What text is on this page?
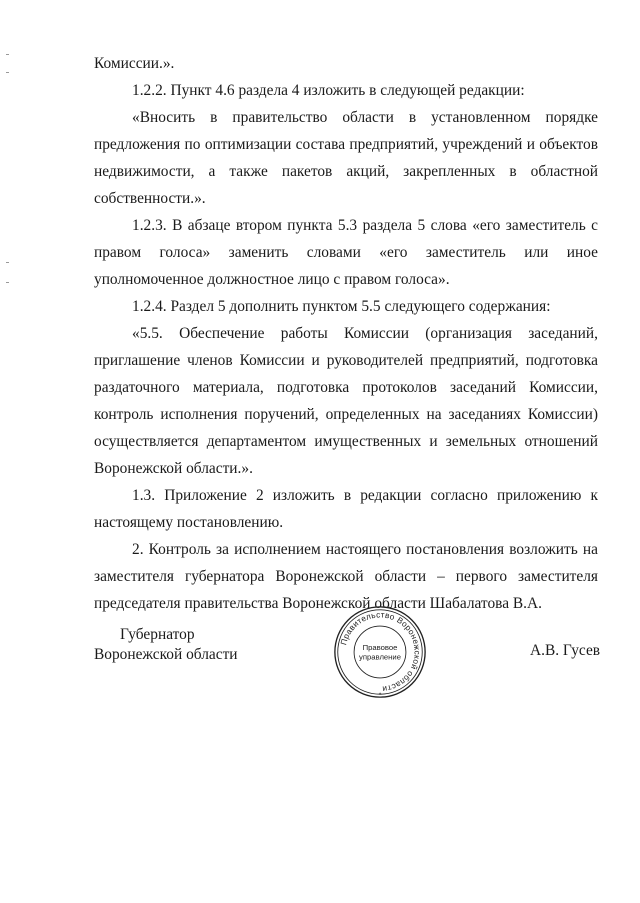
Комиссии.».
1.2.2. Пункт 4.6 раздела 4 изложить в следующей редакции:
«Вносить в правительство области в установленном порядке
предложения по оптимизации состава предприятий, учреждений и объектов
недвижимости, а также пакетов акций, закрепленных в областной
собственности.».
1.2.3. В абзаце втором пункта 5.3 раздела 5 слова «его заместитель с
правом голоса» заменить словами «его заместитель или иное
уполномоченное должностное лицо с правом голоса».
1.2.4. Раздел 5 дополнить пунктом 5.5 следующего содержания:
«5.5. Обеспечение работы Комиссии (организация заседаний,
приглашение членов Комиссии и руководителей предприятий, подготовка
раздаточного материала, подготовка протоколов заседаний Комиссии,
контроль исполнения поручений, определенных на заседаниях Комиссии)
осуществляется департаментом имущественных и земельных отношений
Воронежской области.».
1.3. Приложение 2 изложить в редакции согласно приложению к
настоящему постановлению.
2. Контроль за исполнением настоящего постановления возложить на
заместителя губернатора Воронежской области – первого заместителя
председателя правительства Воронежской области Шабалатова В.А.
Губернатор
Воронежской области
Правительство Воронежской области
Правовое
управление
*
А.В. Гусев
